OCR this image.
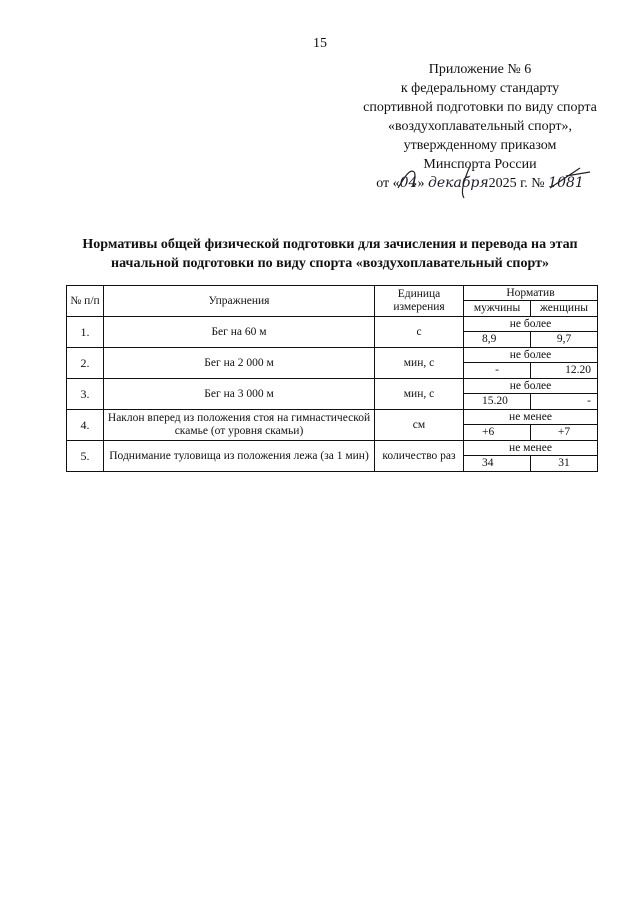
15
Приложение № 6
к федеральному стандарту
спортивной подготовки по виду спорта
«воздухоплавательный спорт»,
утвержденному приказом
Минспорта России
от «04» декабря2025 г. № 1081
Нормативы общей физической подготовки для зачисления и перевода на этап
начальной подготовки по виду спорта «воздухоплавательный спорт»
№ п/п	Упражнения	Единица измерения	Норматив	
			мужчины	женщины
1.	Бег на 60 м	с	не более	
			8,9	9,7
2.	Бег на 2 000 м	мин, с	не более	
			-	12.20
3.	Бег на 3 000 м	мин, с	не более	
			15.20	-
4.	Наклон вперед из положения стоя на гимнастической скамье (от уровня скамьи)	см	не менее	
			+6	+7
5.	Поднимание туловища из положения лежа (за 1 мин)	количество раз	не менее	
			34	31
